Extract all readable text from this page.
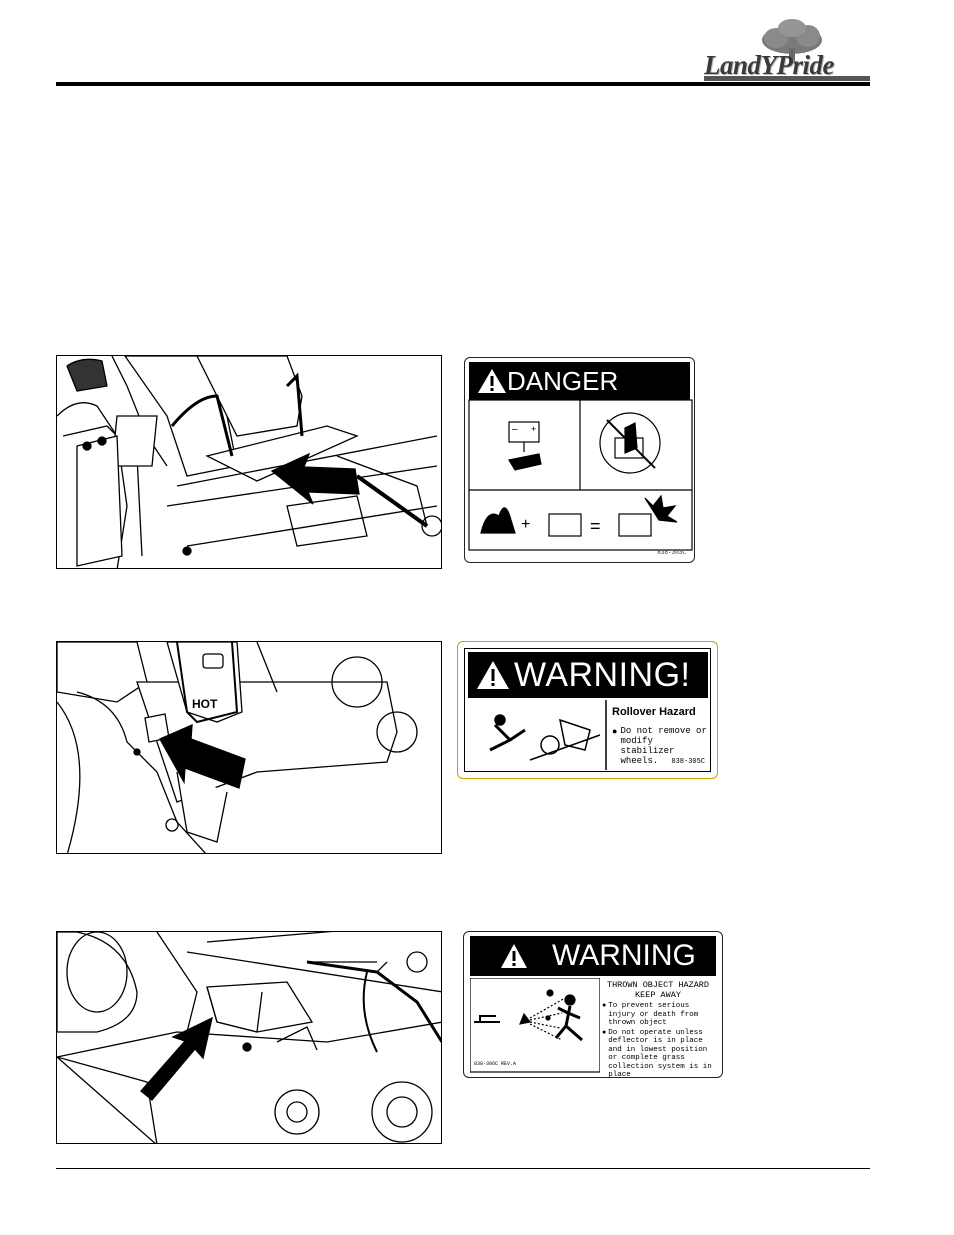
LandYPride
DANGER
– +
+	=
838-303C
HOT
WARNING!
Rollover Hazard
● Do not remove or modify stabilizer wheels.	838-305C
WARNING
THROWN OBJECT HAZARD
KEEP AWAY
● To prevent serious injury or death from thrown object
● Do not operate unless deflector is in place and in lowest position or complete grass collection system is in place
838-306C REV.A
